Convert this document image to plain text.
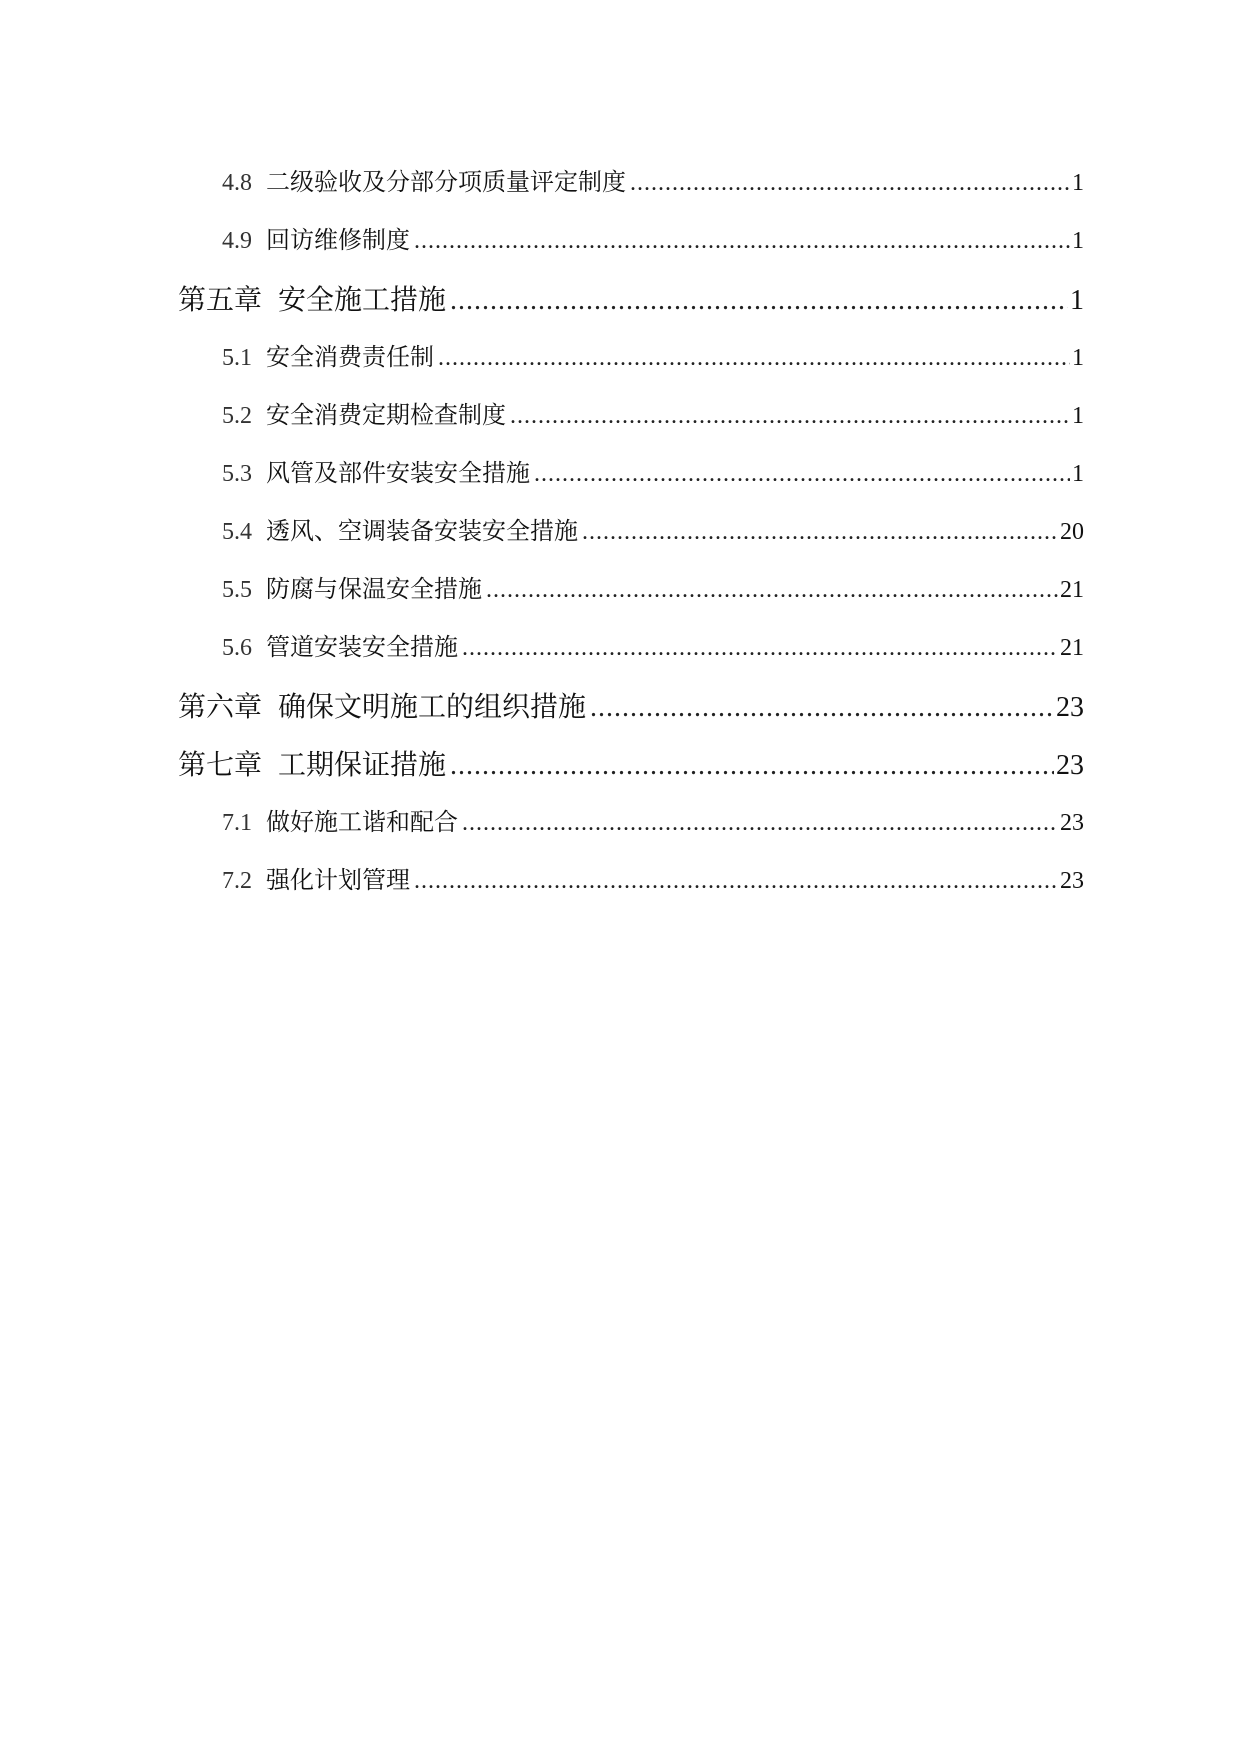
4.8 二级验收及分部分项质量评定制度 .....	1
4.9 回访维修制度 .....	1
第五章 安全施工措施 .....	1
5.1 安全消费责任制 .....	1
5.2 安全消费定期检查制度 .....	1
5.3 风管及部件安装安全措施 .....	1
5.4 透风、空调装备安装安全措施 .....	20
5.5 防腐与保温安全措施 .....	21
5.6 管道安装安全措施 .....	21
第六章 确保文明施工的组织措施 .....	23
第七章 工期保证措施 .....	23
7.1 做好施工谐和配合 .....	23
7.2 强化计划管理 .....	23
